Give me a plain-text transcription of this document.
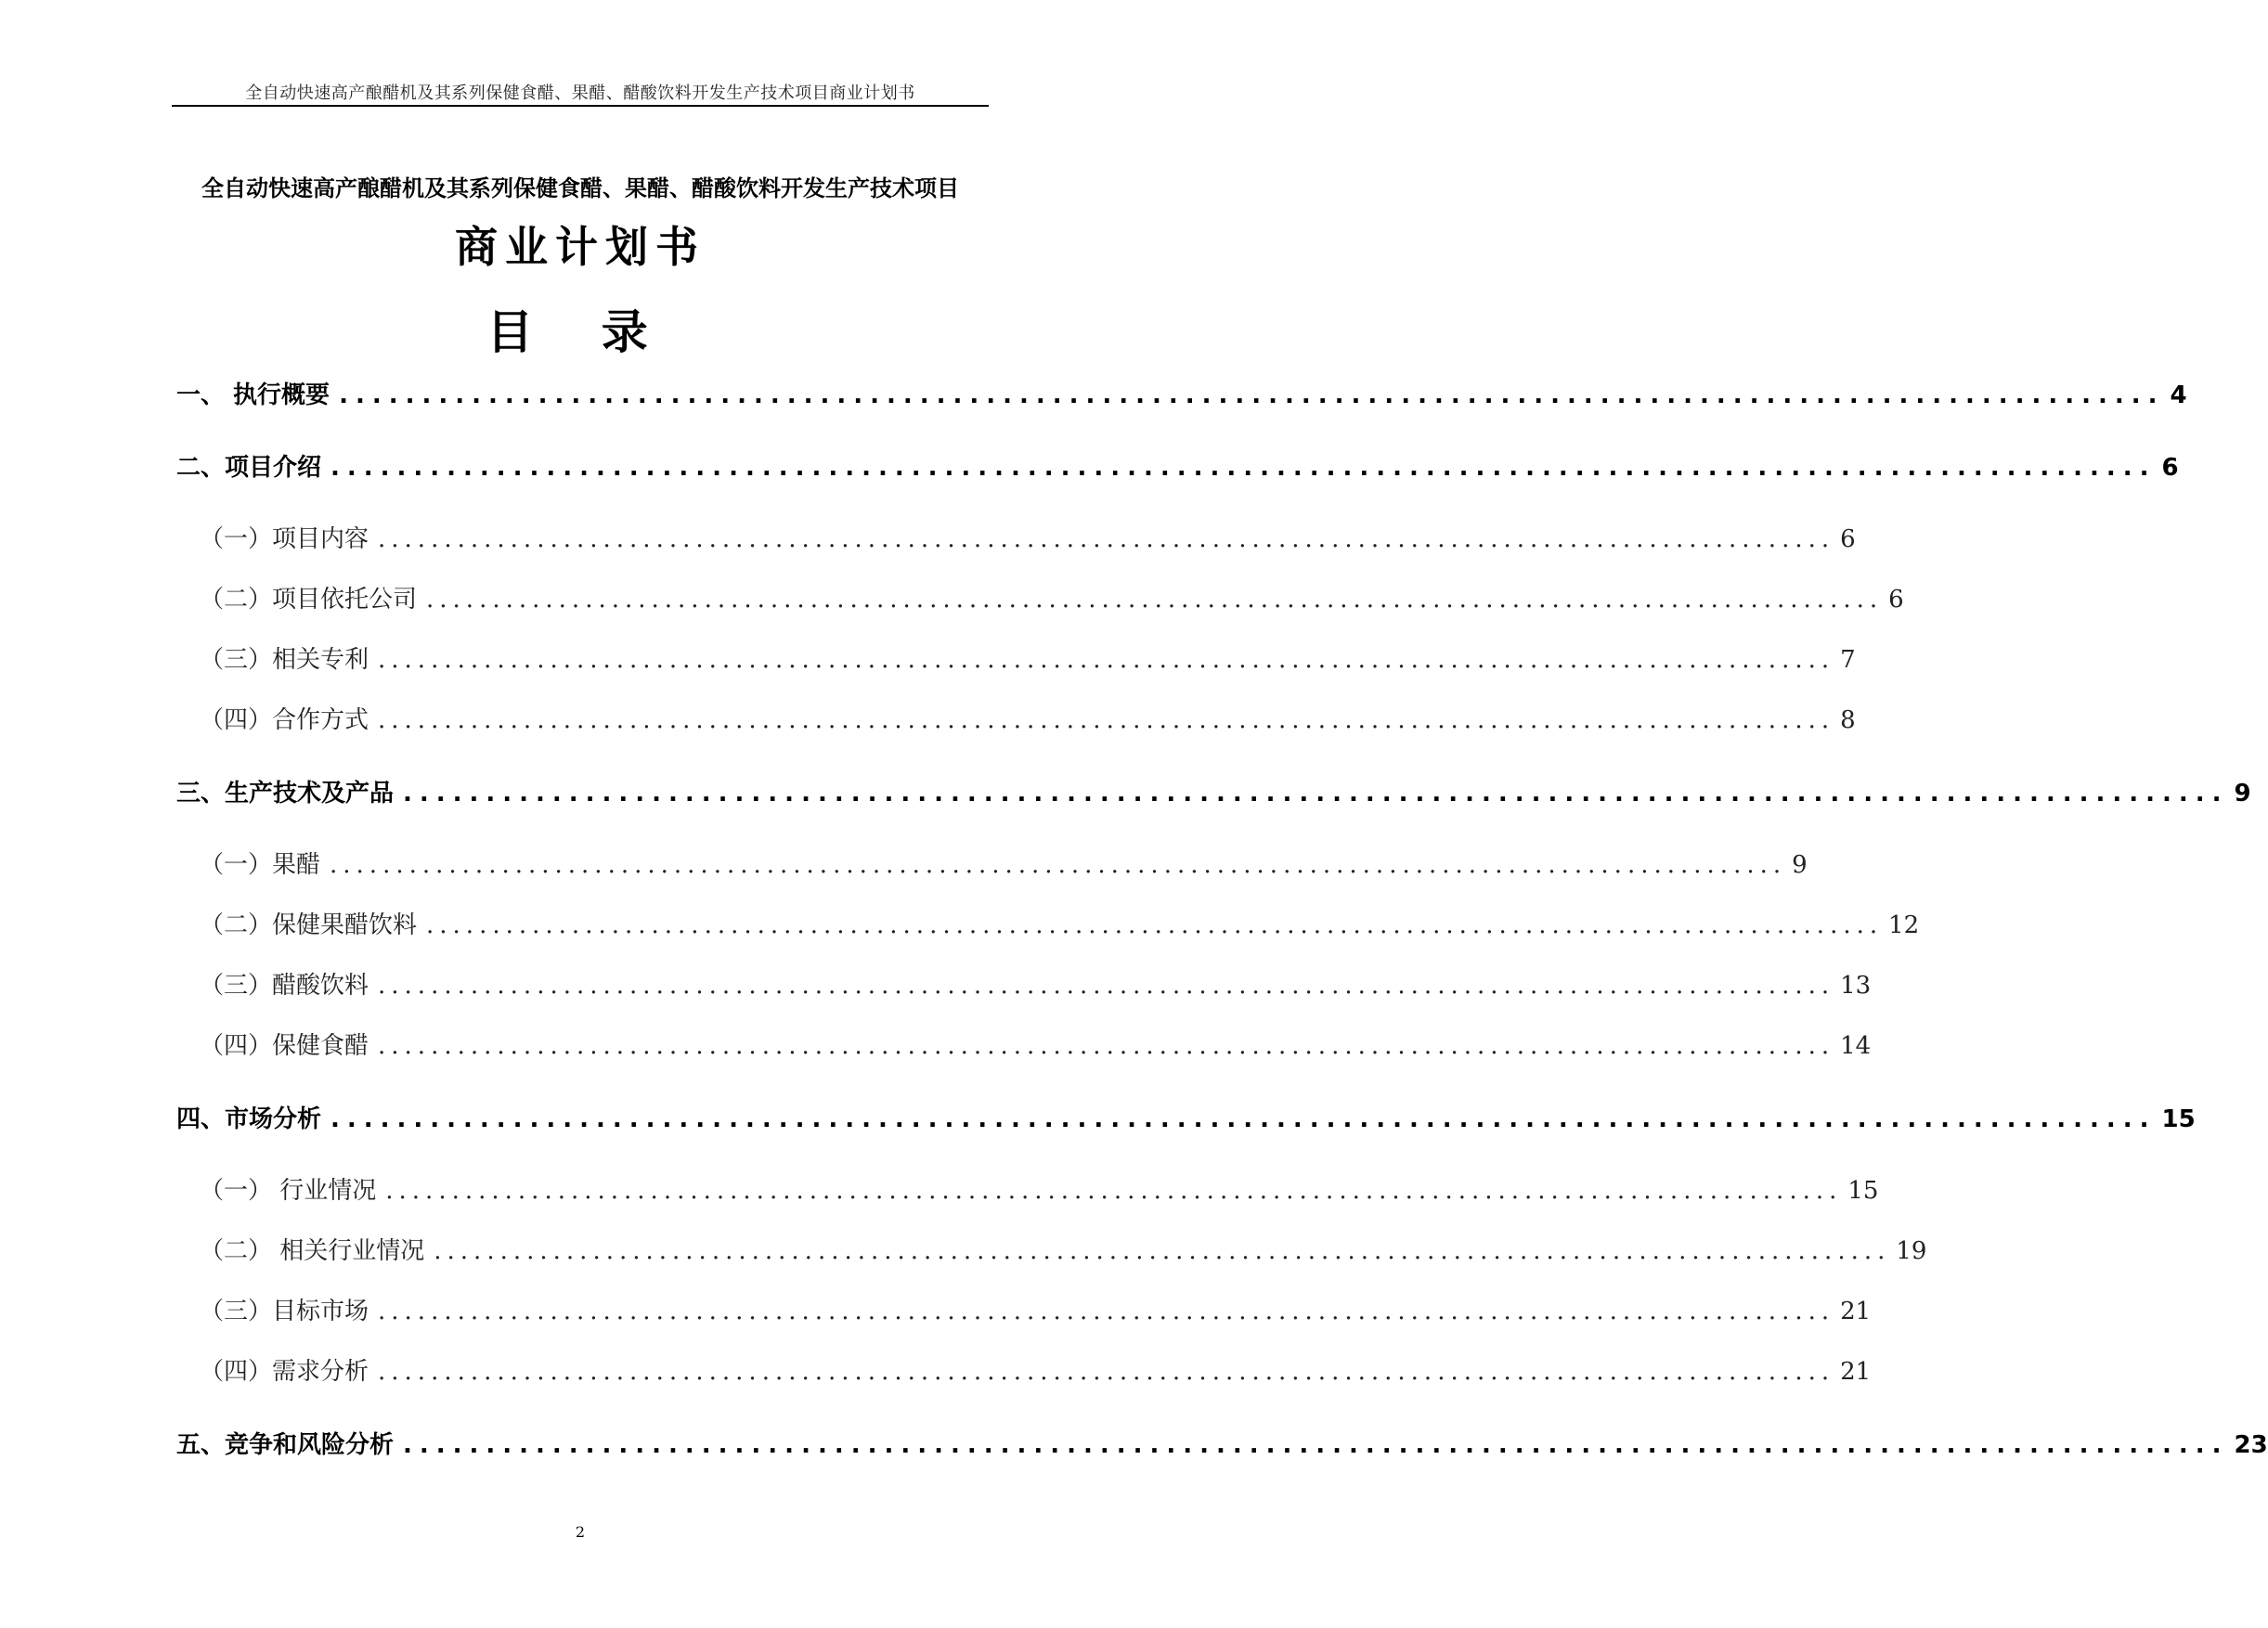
全自动快速高产酿醋机及其系列保健食醋、果醋、醋酸饮料开发生产技术项目商业计划书
全自动快速高产酿醋机及其系列保健食醋、果醋、醋酸饮料开发生产技术项目
商业计划书
目 录
一、 执行概要 .............................................................................................................. 4
二、项目介绍 .............................................................................................................. 6
（一）项目内容 .............................................................................................................. 6
（二）项目依托公司 .............................................................................................................. 6
（三）相关专利 .............................................................................................................. 7
（四）合作方式 .............................................................................................................. 8
三、生产技术及产品 .............................................................................................................. 9
（一）果醋 .............................................................................................................. 9
（二）保健果醋饮料 .............................................................................................................. 12
（三）醋酸饮料 .............................................................................................................. 13
（四）保健食醋 .............................................................................................................. 14
四、市场分析 .............................................................................................................. 15
（一） 行业情况 .............................................................................................................. 15
（二） 相关行业情况 .............................................................................................................. 19
（三）目标市场 .............................................................................................................. 21
（四）需求分析 .............................................................................................................. 21
五、竞争和风险分析 .............................................................................................................. 23
2
